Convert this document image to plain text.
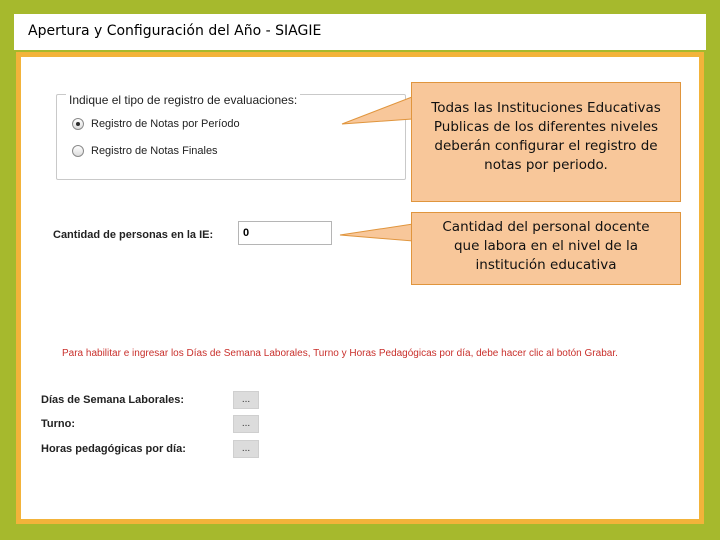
Apertura y Configuración del Año - SIAGIE
Indique el tipo de registro de evaluaciones:
Registro de Notas por Período
Registro de Notas Finales
Cantidad de personas en la IE:
0
Todas las Instituciones Educativas
Publicas de los diferentes niveles
deberán configurar el registro de
notas por periodo.
Cantidad del personal docente
que labora en el nivel de la
institución educativa
Para habilitar e ingresar los Días de Semana Laborales, Turno y Horas Pedagógicas por día, debe hacer clic al botón Grabar.
Días de Semana Laborales:	...
Turno:	...
Horas pedagógicas por día:	...
